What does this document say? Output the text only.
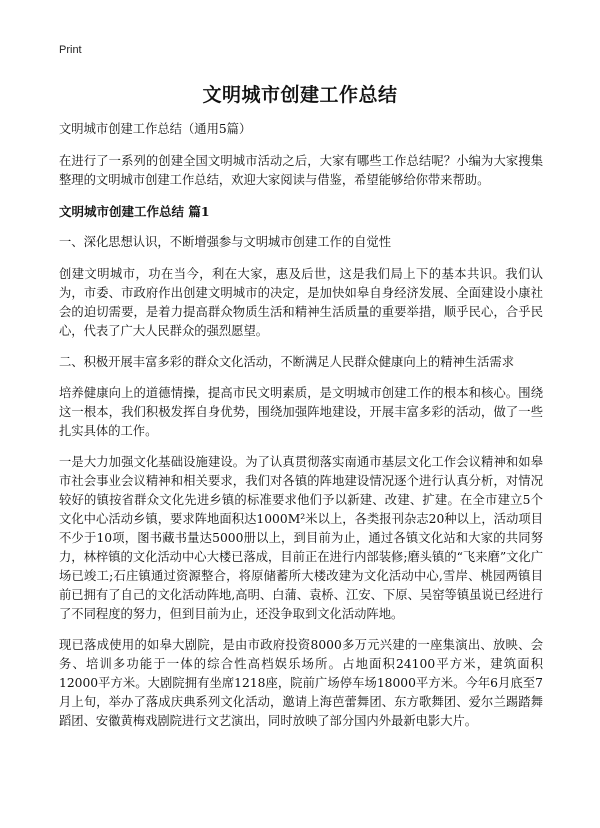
Print
文明城市创建工作总结

文明城市创建工作总结（通用5篇）

在进行了一系列的创建全国文明城市活动之后，大家有哪些工作总结呢？小编为大家搜集整理的文明城市创建工作总结，欢迎大家阅读与借鉴，希望能够给你带来帮助。

文明城市创建工作总结 篇1

一、深化思想认识，不断增强参与文明城市创建工作的自觉性

创建文明城市，功在当今，利在大家，惠及后世，这是我们局上下的基本共识。我们认为，市委、市政府作出创建文明城市的决定，是加快如皋自身经济发展、全面建设小康社会的迫切需要，是着力提高群众物质生活和精神生活质量的重要举措，顺乎民心，合乎民心，代表了广大人民群众的强烈愿望。

二、积极开展丰富多彩的群众文化活动，不断满足人民群众健康向上的精神生活需求

培养健康向上的道德情操，提高市民文明素质，是文明城市创建工作的根本和核心。围绕这一根本，我们积极发挥自身优势，围绕加强阵地建设，开展丰富多彩的活动，做了一些扎实具体的工作。

一是大力加强文化基础设施建设。为了认真贯彻落实南通市基层文化工作会议精神和如皋市社会事业会议精神和相关要求，我们对各镇的阵地建设情况逐个进行认真分析，对情况较好的镇按省群众文化先进乡镇的标准要求他们予以新建、改建、扩建。在全市建立5个文化中心活动乡镇，要求阵地面积达1000M²米以上，各类报刊杂志20种以上，活动项目不少于10项，图书藏书量达5000册以上，到目前为止，通过各镇文化站和大家的共同努力，林梓镇的文化活动中心大楼已落成，目前正在进行内部装修;磨头镇的“飞来磨”文化广场已竣工;石庄镇通过资源整合，将原储蓄所大楼改建为文化活动中心,雪岸、桃园两镇目前已拥有了自己的文化活动阵地,高明、白蒲、袁桥、江安、下原、吴窑等镇虽说已经进行了不同程度的努力，但到目前为止，还没争取到文化活动阵地。

现已落成使用的如皋大剧院，是由市政府投资8000多万元兴建的一座集演出、放映、会务、培训多功能于一体的综合性高档娱乐场所。占地面积24100平方米，建筑面积12000平方米。大剧院拥有坐席1218座，院前广场停车场18000平方米。今年6月底至7月上旬，举办了落成庆典系列文化活动，邀请上海芭蕾舞团、东方歌舞团、爱尔兰踢踏舞蹈团、安徽黄梅戏剧院进行文艺演出，同时放映了部分国内外最新电影大片。
